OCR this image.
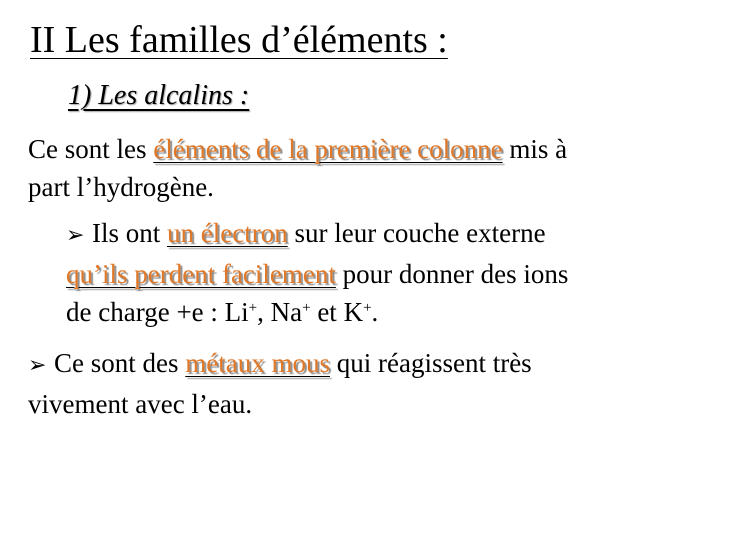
II Les familles d’éléments :
1) Les alcalins :
Ce sont les éléments de la première colonne mis à
part l’hydrogène.
➢ Ils ont un électron sur leur couche externe
qu’ils perdent facilement pour donner des ions
de charge +e : Li+, Na+ et K+.
➢ Ce sont des métaux mous qui réagissent très
vivement avec l’eau.
